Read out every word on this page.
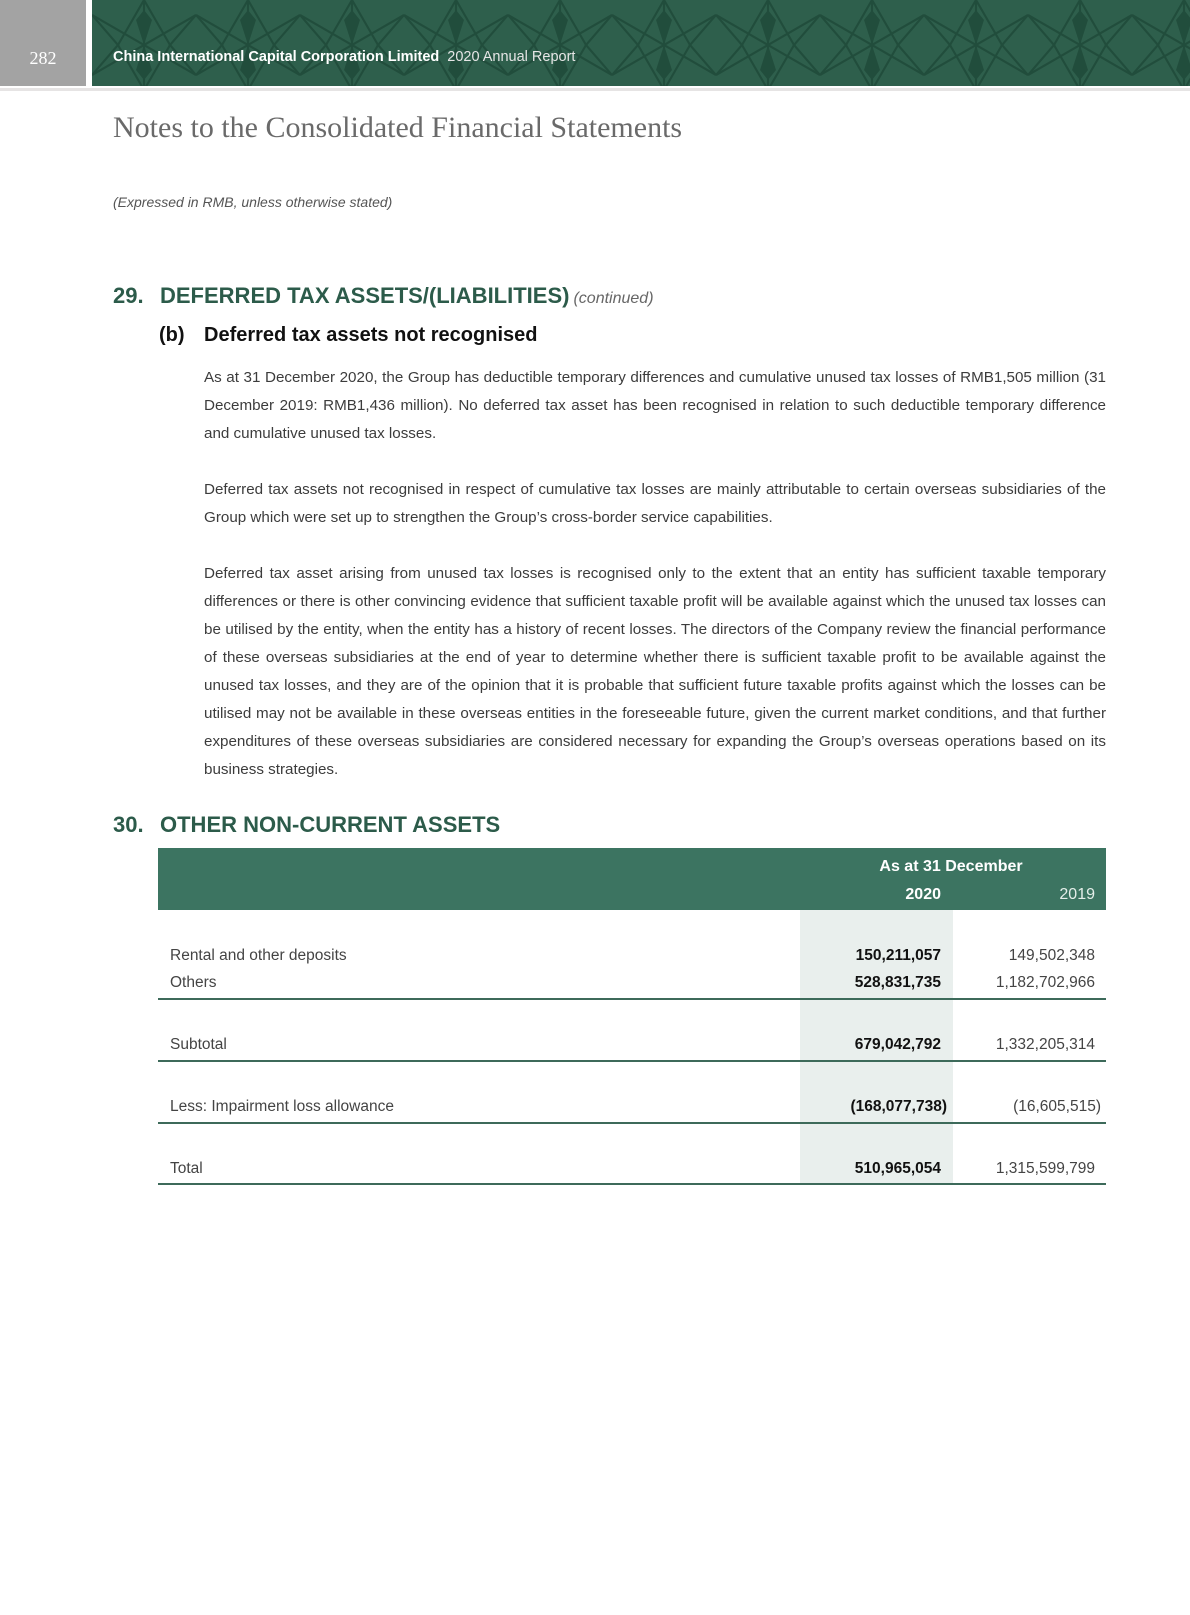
282	China International Capital Corporation Limited 2020 Annual Report
Notes to the Consolidated Financial Statements
(Expressed in RMB, unless otherwise stated)
29. DEFERRED TAX ASSETS/(LIABILITIES) (continued)
(b) Deferred tax assets not recognised

As at 31 December 2020, the Group has deductible temporary differences and cumulative unused tax losses of RMB1,505 million (31 December 2019: RMB1,436 million). No deferred tax asset has been recognised in relation to such deductible temporary difference and cumulative unused tax losses.

Deferred tax assets not recognised in respect of cumulative tax losses are mainly attributable to certain overseas subsidiaries of the Group which were set up to strengthen the Group’s cross-border service capabilities.

Deferred tax asset arising from unused tax losses is recognised only to the extent that an entity has sufficient taxable temporary differences or there is other convincing evidence that sufficient taxable profit will be available against which the unused tax losses can be utilised by the entity, when the entity has a history of recent losses. The directors of the Company review the financial performance of these overseas subsidiaries at the end of year to determine whether there is sufficient taxable profit to be available against the unused tax losses, and they are of the opinion that it is probable that sufficient future taxable profits against which the losses can be utilised may not be available in these overseas entities in the foreseeable future, given the current market conditions, and that further expenditures of these overseas subsidiaries are considered necessary for expanding the Group’s overseas operations based on its business strategies.

30. OTHER NON-CURRENT ASSETS
As at 31 December
2020	2019
Rental and other deposits	150,211,057	149,502,348
Others	528,831,735	1,182,702,966
Subtotal	679,042,792	1,332,205,314
Less: Impairment loss allowance	(168,077,738)	(16,605,515)
Total	510,965,054	1,315,599,799
